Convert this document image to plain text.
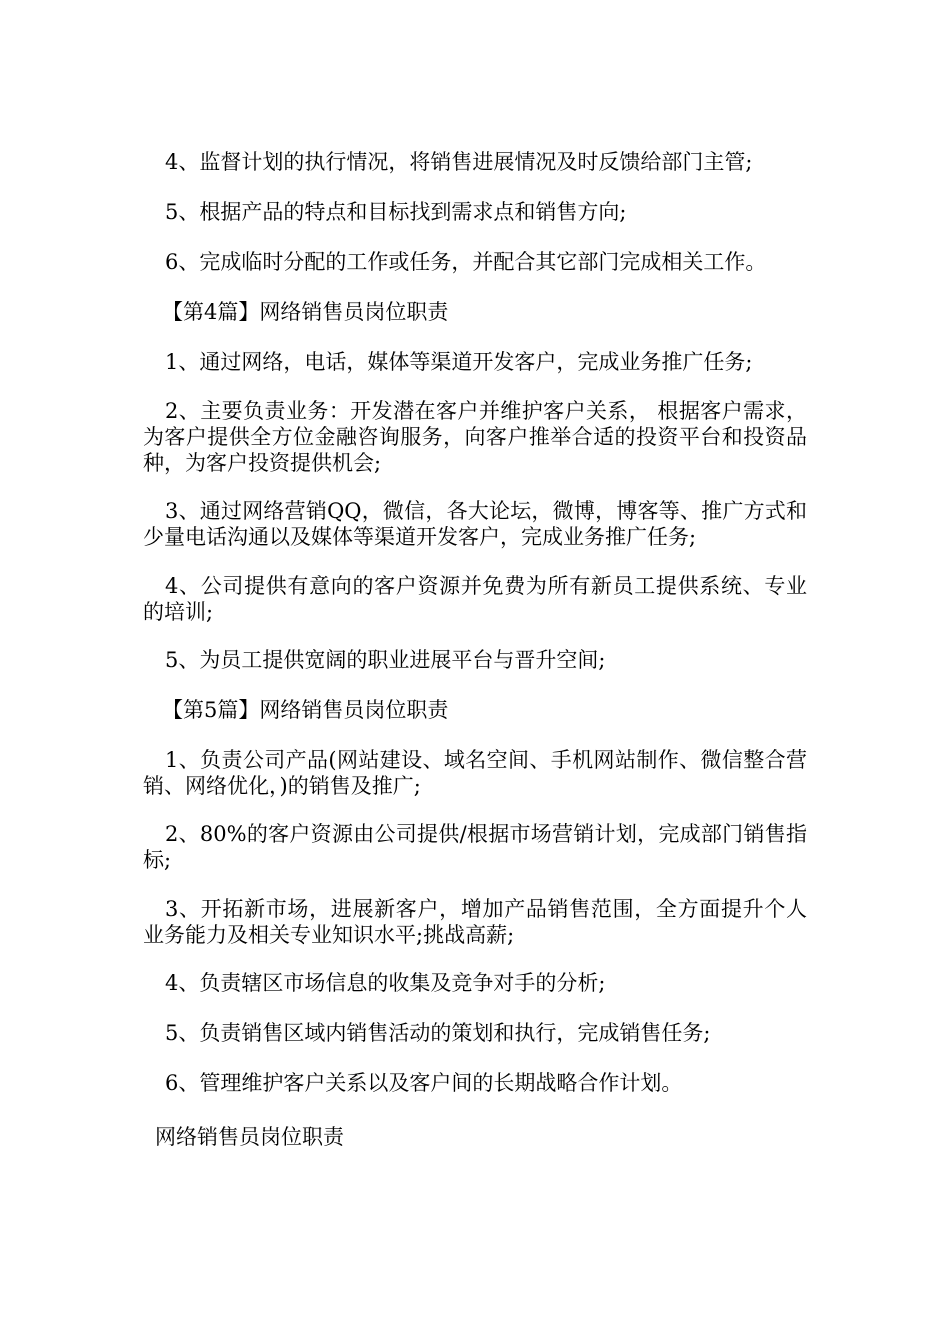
4、监督计划的执行情况，将销售进展情况及时反馈给部门主管;

5、根据产品的特点和目标找到需求点和销售方向;

6、完成临时分配的工作或任务，并配合其它部门完成相关工作。

【第4篇】网络销售员岗位职责

1、通过网络，电话，媒体等渠道开发客户，完成业务推广任务;

2、主要负责业务：开发潜在客户并维护客户关系， 根据客户需求，为客户提供全方位金融咨询服务，向客户推举合适的投资平台和投资品种，为客户投资提供机会;

3、通过网络营销QQ，微信，各大论坛，微博，博客等、推广方式和少量电话沟通以及媒体等渠道开发客户，完成业务推广任务;

4、公司提供有意向的客户资源并免费为所有新员工提供系统、专业的培训;

5、为员工提供宽阔的职业进展平台与晋升空间;

【第5篇】网络销售员岗位职责

1、负责公司产品(网站建设、域名空间、手机网站制作、微信整合营销、网络优化，)的销售及推广;

2、80%的客户资源由公司提供/根据市场营销计划，完成部门销售指标;

3、开拓新市场，进展新客户，增加产品销售范围，全方面提升个人业务能力及相关专业知识水平;挑战高薪;

4、负责辖区市场信息的收集及竞争对手的分析;

5、负责销售区域内销售活动的策划和执行，完成销售任务;

6、管理维护客户关系以及客户间的长期战略合作计划。

网络销售员岗位职责
